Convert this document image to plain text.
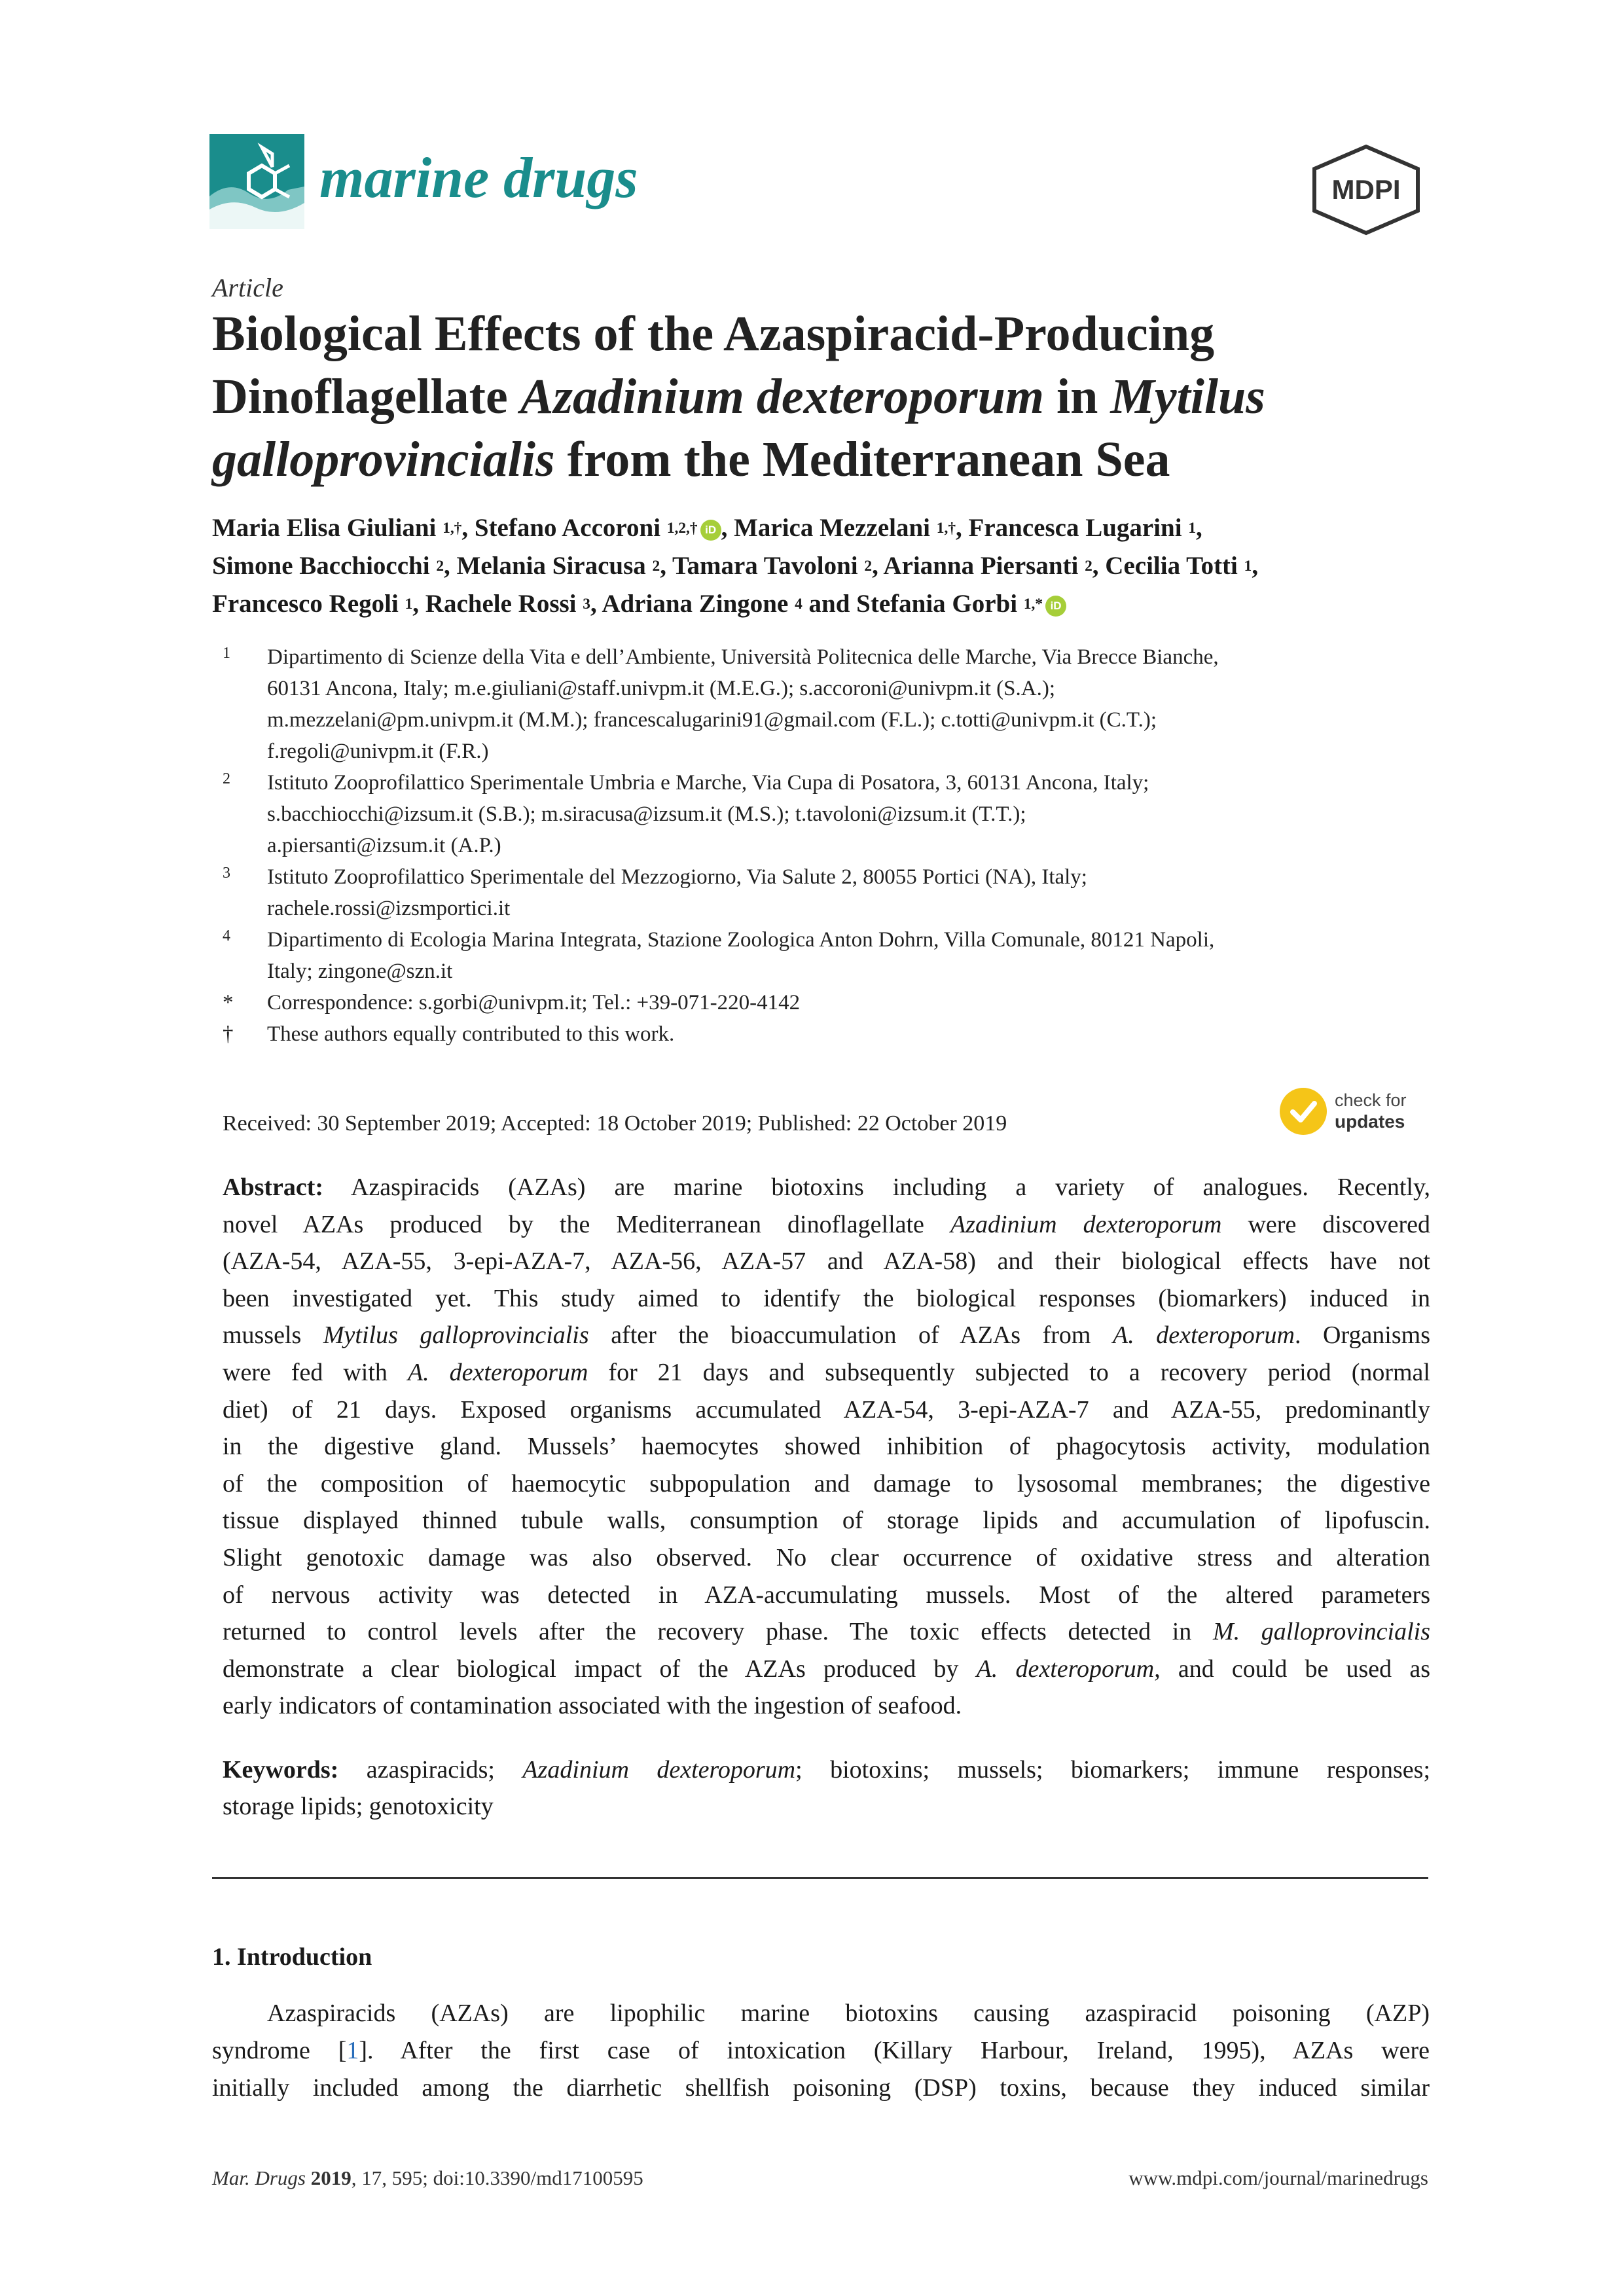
marine drugs	MDPI
Article
Biological Effects of the Azaspiracid-Producing
Dinoflagellate Azadinium dexteroporum in Mytilus
galloprovincialis from the Mediterranean Sea
Maria Elisa Giuliani $^{1,\dagger}$, Stefano Accoroni $^{1,2,\dagger}$ iD , Marica Mezzelani $^{1,\dagger}$, Francesca Lugarini $^1$,
Simone Bacchiocchi $^2$, Melania Siracusa $^2$, Tamara Tavoloni $^2$, Arianna Piersanti $^2$, Cecilia Totti $^1$,
Francesco Regoli $^1$, Rachele Rossi $^3$, Adriana Zingone $^4$ and Stefania Gorbi $^{1,*}$ iD
1 Dipartimento di Scienze della Vita e dell’Ambiente, Università Politecnica delle Marche, Via Brecce Bianche,
60131 Ancona, Italy; m.e.giuliani@staff.univpm.it (M.E.G.); s.accoroni@univpm.it (S.A.);
m.mezzelani@pm.univpm.it (M.M.); francescalugarini91@gmail.com (F.L.); c.totti@univpm.it (C.T.);
f.regoli@univpm.it (F.R.)
2 Istituto Zooprofilattico Sperimentale Umbria e Marche, Via Cupa di Posatora, 3, 60131 Ancona, Italy;
s.bacchiocchi@izsum.it (S.B.); m.siracusa@izsum.it (M.S.); t.tavoloni@izsum.it (T.T.);
a.piersanti@izsum.it (A.P.)
3 Istituto Zooprofilattico Sperimentale del Mezzogiorno, Via Salute 2, 80055 Portici (NA), Italy;
rachele.rossi@izsmportici.it
4 Dipartimento di Ecologia Marina Integrata, Stazione Zoologica Anton Dohrn, Villa Comunale, 80121 Napoli,
Italy; zingone@szn.it
* Correspondence: s.gorbi@univpm.it; Tel.: +39-071-220-4142
† These authors equally contributed to this work.
Received: 30 September 2019; Accepted: 18 October 2019; Published: 22 October 2019
check for
updates
Abstract: Azaspiracids (AZAs) are marine biotoxins including a variety of analogues. Recently,
novel AZAs produced by the Mediterranean dinoflagellate Azadinium dexteroporum were discovered
(AZA-54, AZA-55, 3-epi-AZA-7, AZA-56, AZA-57 and AZA-58) and their biological effects have not
been investigated yet. This study aimed to identify the biological responses (biomarkers) induced in
mussels Mytilus galloprovincialis after the bioaccumulation of AZAs from A. dexteroporum. Organisms
were fed with A. dexteroporum for 21 days and subsequently subjected to a recovery period (normal
diet) of 21 days. Exposed organisms accumulated AZA-54, 3-epi-AZA-7 and AZA-55, predominantly
in the digestive gland. Mussels’ haemocytes showed inhibition of phagocytosis activity, modulation
of the composition of haemocytic subpopulation and damage to lysosomal membranes; the digestive
tissue displayed thinned tubule walls, consumption of storage lipids and accumulation of lipofuscin.
Slight genotoxic damage was also observed. No clear occurrence of oxidative stress and alteration
of nervous activity was detected in AZA-accumulating mussels. Most of the altered parameters
returned to control levels after the recovery phase. The toxic effects detected in M. galloprovincialis
demonstrate a clear biological impact of the AZAs produced by A. dexteroporum, and could be used as
early indicators of contamination associated with the ingestion of seafood.
Keywords: azaspiracids; Azadinium dexteroporum; biotoxins; mussels; biomarkers; immune responses;
storage lipids; genotoxicity
1. Introduction
Azaspiracids (AZAs) are lipophilic marine biotoxins causing azaspiracid poisoning (AZP)
syndrome [1]. After the first case of intoxication (Killary Harbour, Ireland, 1995), AZAs were
initially included among the diarrhetic shellfish poisoning (DSP) toxins, because they induced similar
Mar. Drugs 2019, 17, 595; doi:10.3390/md17100595	www.mdpi.com/journal/marinedrugs
